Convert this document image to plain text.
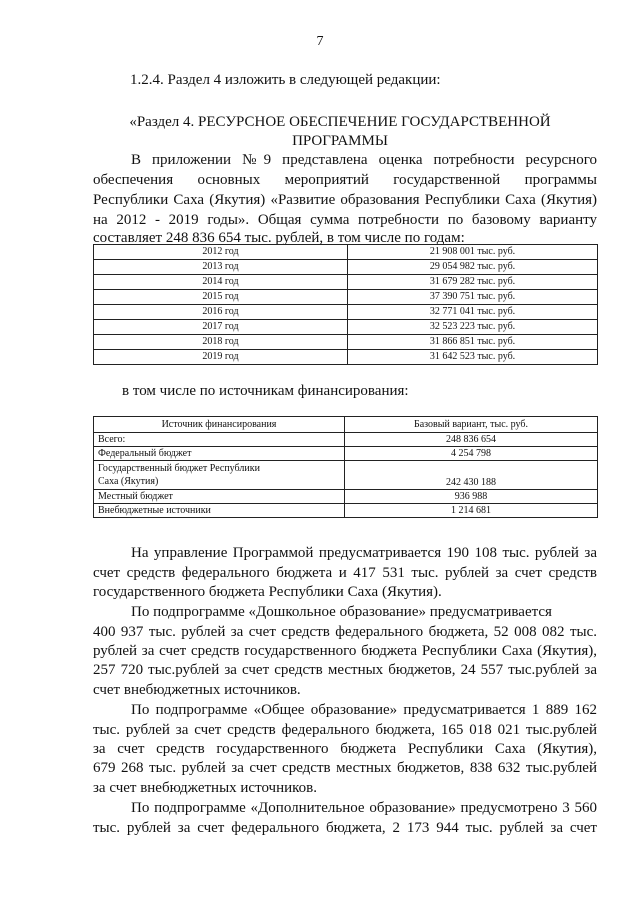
7
1.2.4. Раздел 4 изложить в следующей редакции:
«Раздел 4. РЕСУРСНОЕ ОБЕСПЕЧЕНИЕ ГОСУДАРСТВЕННОЙ
ПРОГРАММЫ
В приложении №9 представлена оценка потребности ресурсного
обеспечения основных мероприятий государственной программы
Республики Саха (Якутия) «Развитие образования Республики Саха (Якутия)
на 2012 - 2019 годы». Общая сумма потребности по базовому варианту
составляет 248 836 654 тыс. рублей, в том числе по годам:
2012 год	21 908 001 тыс. руб.
2013 год	29 054 982 тыс. руб.
2014 год	31 679 282 тыс. руб.
2015 год	37 390 751 тыс. руб.
2016 год	32 771 041 тыс. руб.
2017 год	32 523 223 тыс. руб.
2018 год	31 866 851 тыс. руб.
2019 год	31 642 523 тыс. руб.
в том числе по источникам финансирования:
Источник финансирования	Базовый вариант, тыс. руб.
Всего:	248 836 654
Федеральный бюджет	4 254 798

Государственный бюджет Республики
Саха (Якутия)	242 430 188
Местный бюджет	936 988
Внебюджетные источники	1 214 681
На управление Программой предусматривается 190 108 тыс. рублей за
счет средств федерального бюджета и 417 531 тыс. рублей за счет средств
государственного бюджета Республики Саха (Якутия).
По подпрограмме «Дошкольное образование» предусматривается
400 937 тыс. рублей за счет средств федерального бюджета, 52 008 082 тыс.
рублей за счет средств государственного бюджета Республики Саха (Якутия),
257 720 тыс.рублей за счет средств местных бюджетов, 24 557 тыс.рублей за
счет внебюджетных источников.
По подпрограмме «Общее образование» предусматривается 1 889 162
тыс. рублей за счет средств федерального бюджета, 165 018 021 тыс.рублей
за счет средств государственного бюджета Республики Саха (Якутия),
679 268 тыс. рублей за счет средств местных бюджетов, 838 632 тыс.рублей
за счет внебюджетных источников.
По подпрограмме «Дополнительное образование» предусмотрено 3 560
тыс. рублей за счет федерального бюджета, 2 173 944 тыс. рублей за счет
